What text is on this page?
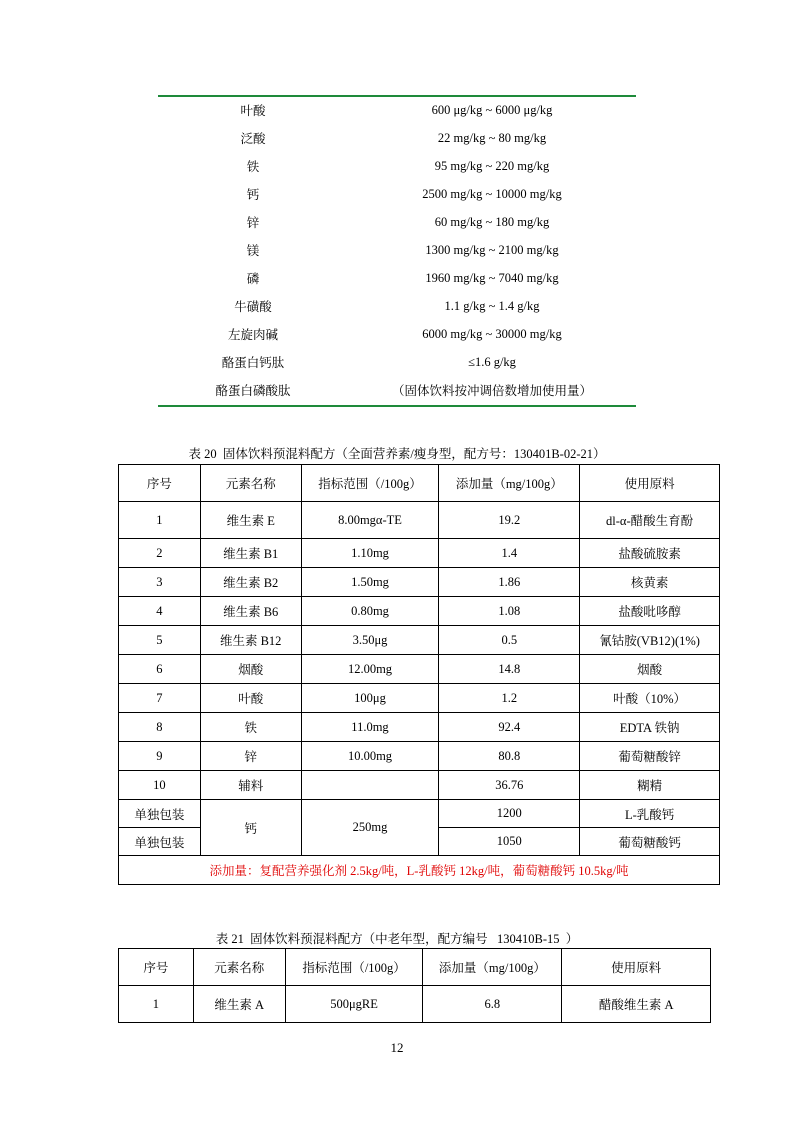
叶酸	600 μg/kg ~ 6000 μg/kg
泛酸	22 mg/kg ~ 80 mg/kg
铁	95 mg/kg ~ 220 mg/kg
钙	2500 mg/kg ~ 10000 mg/kg
锌	60 mg/kg ~ 180 mg/kg
镁	1300 mg/kg ~ 2100 mg/kg
磷	1960 mg/kg ~ 7040 mg/kg
牛磺酸	1.1 g/kg ~ 1.4 g/kg
左旋肉碱	6000 mg/kg ~ 30000 mg/kg
酪蛋白钙肽	≤1.6 g/kg
酪蛋白磷酸肽	（固体饮料按冲调倍数增加使用量）
表 20  固体饮料预混料配方（全面营养素/瘦身型，配方号：130401B-02-21）
序号	元素名称	指标范围（/100g）	添加量（mg/100g）	使用原料
1	维生素 E	8.00mgα-TE	19.2	dl-α-醋酸生育酚
2	维生素 B1	1.10mg	1.4	盐酸硫胺素
3	维生素 B2	1.50mg	1.86	核黄素
4	维生素 B6	0.80mg	1.08	盐酸吡哆醇
5	维生素 B12	3.50μg	0.5	氰钴胺(VB12)(1%)
6	烟酸	12.00mg	14.8	烟酸
7	叶酸	100μg	1.2	叶酸（10%）
8	铁	11.0mg	92.4	EDTA 铁钠
9	锌	10.00mg	80.8	葡萄糖酸锌
10	辅料		36.76	糊精
单独包装	钙	250mg	1200	L-乳酸钙
单独包装			1050	葡萄糖酸钙
添加量：复配营养强化剂 2.5kg/吨，L-乳酸钙 12kg/吨，葡萄糖酸钙 10.5kg/吨				
表 21  固体饮料预混料配方（中老年型，配方编号   130410B-15  ）
序号	元素名称	指标范围（/100g）	添加量（mg/100g）	使用原料
1	维生素 A	500μgRE	6.8	醋酸维生素 A
12
